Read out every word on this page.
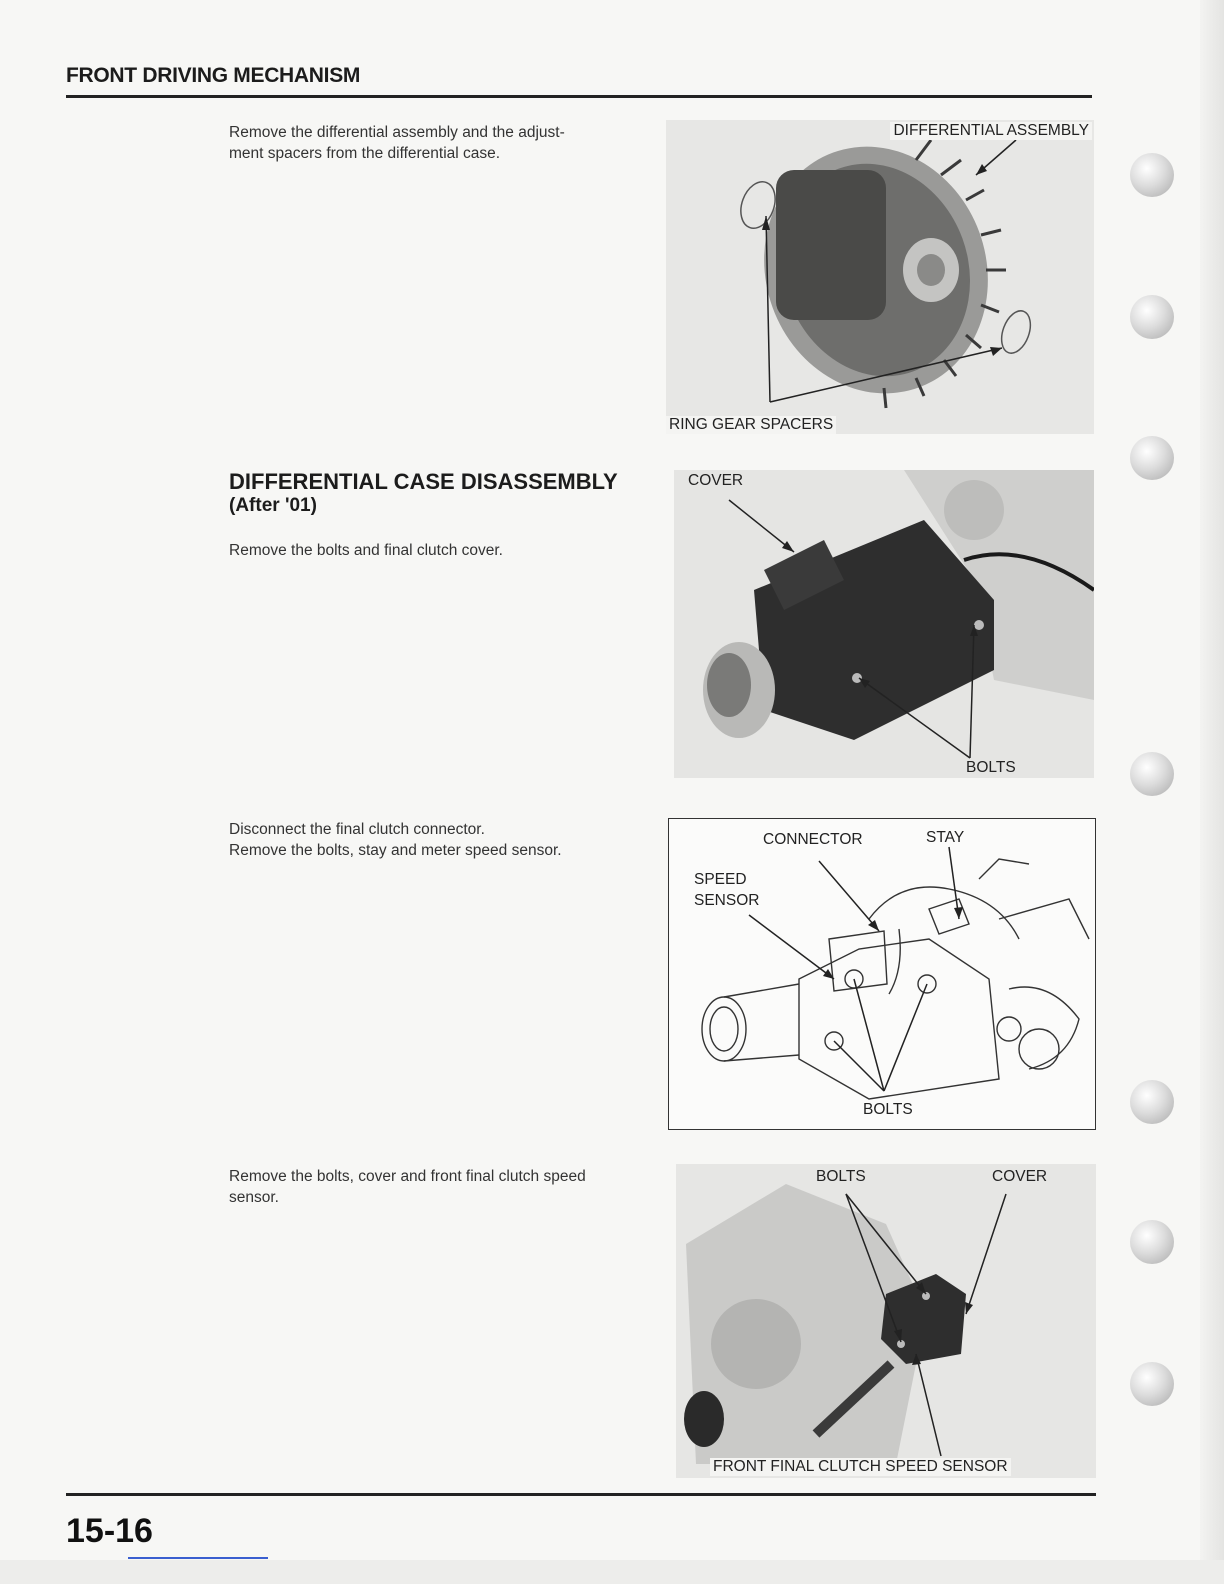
FRONT DRIVING MECHANISM
Remove the differential assembly and the adjust-
ment spacers from the differential case.
DIFFERENTIAL CASE DISASSEMBLY
(After '01)
Remove the bolts and final clutch cover.
Disconnect the final clutch connector.
Remove the bolts, stay and meter speed sensor.
Remove the bolts, cover and front final clutch speed
sensor.
DIFFERENTIAL ASSEMBLY
RING GEAR SPACERS
COVER
BOLTS
CONNECTOR	STAY
SPEED
SENSOR
BOLTS
BOLTS	COVER
FRONT FINAL CLUTCH SPEED SENSOR
15-16
